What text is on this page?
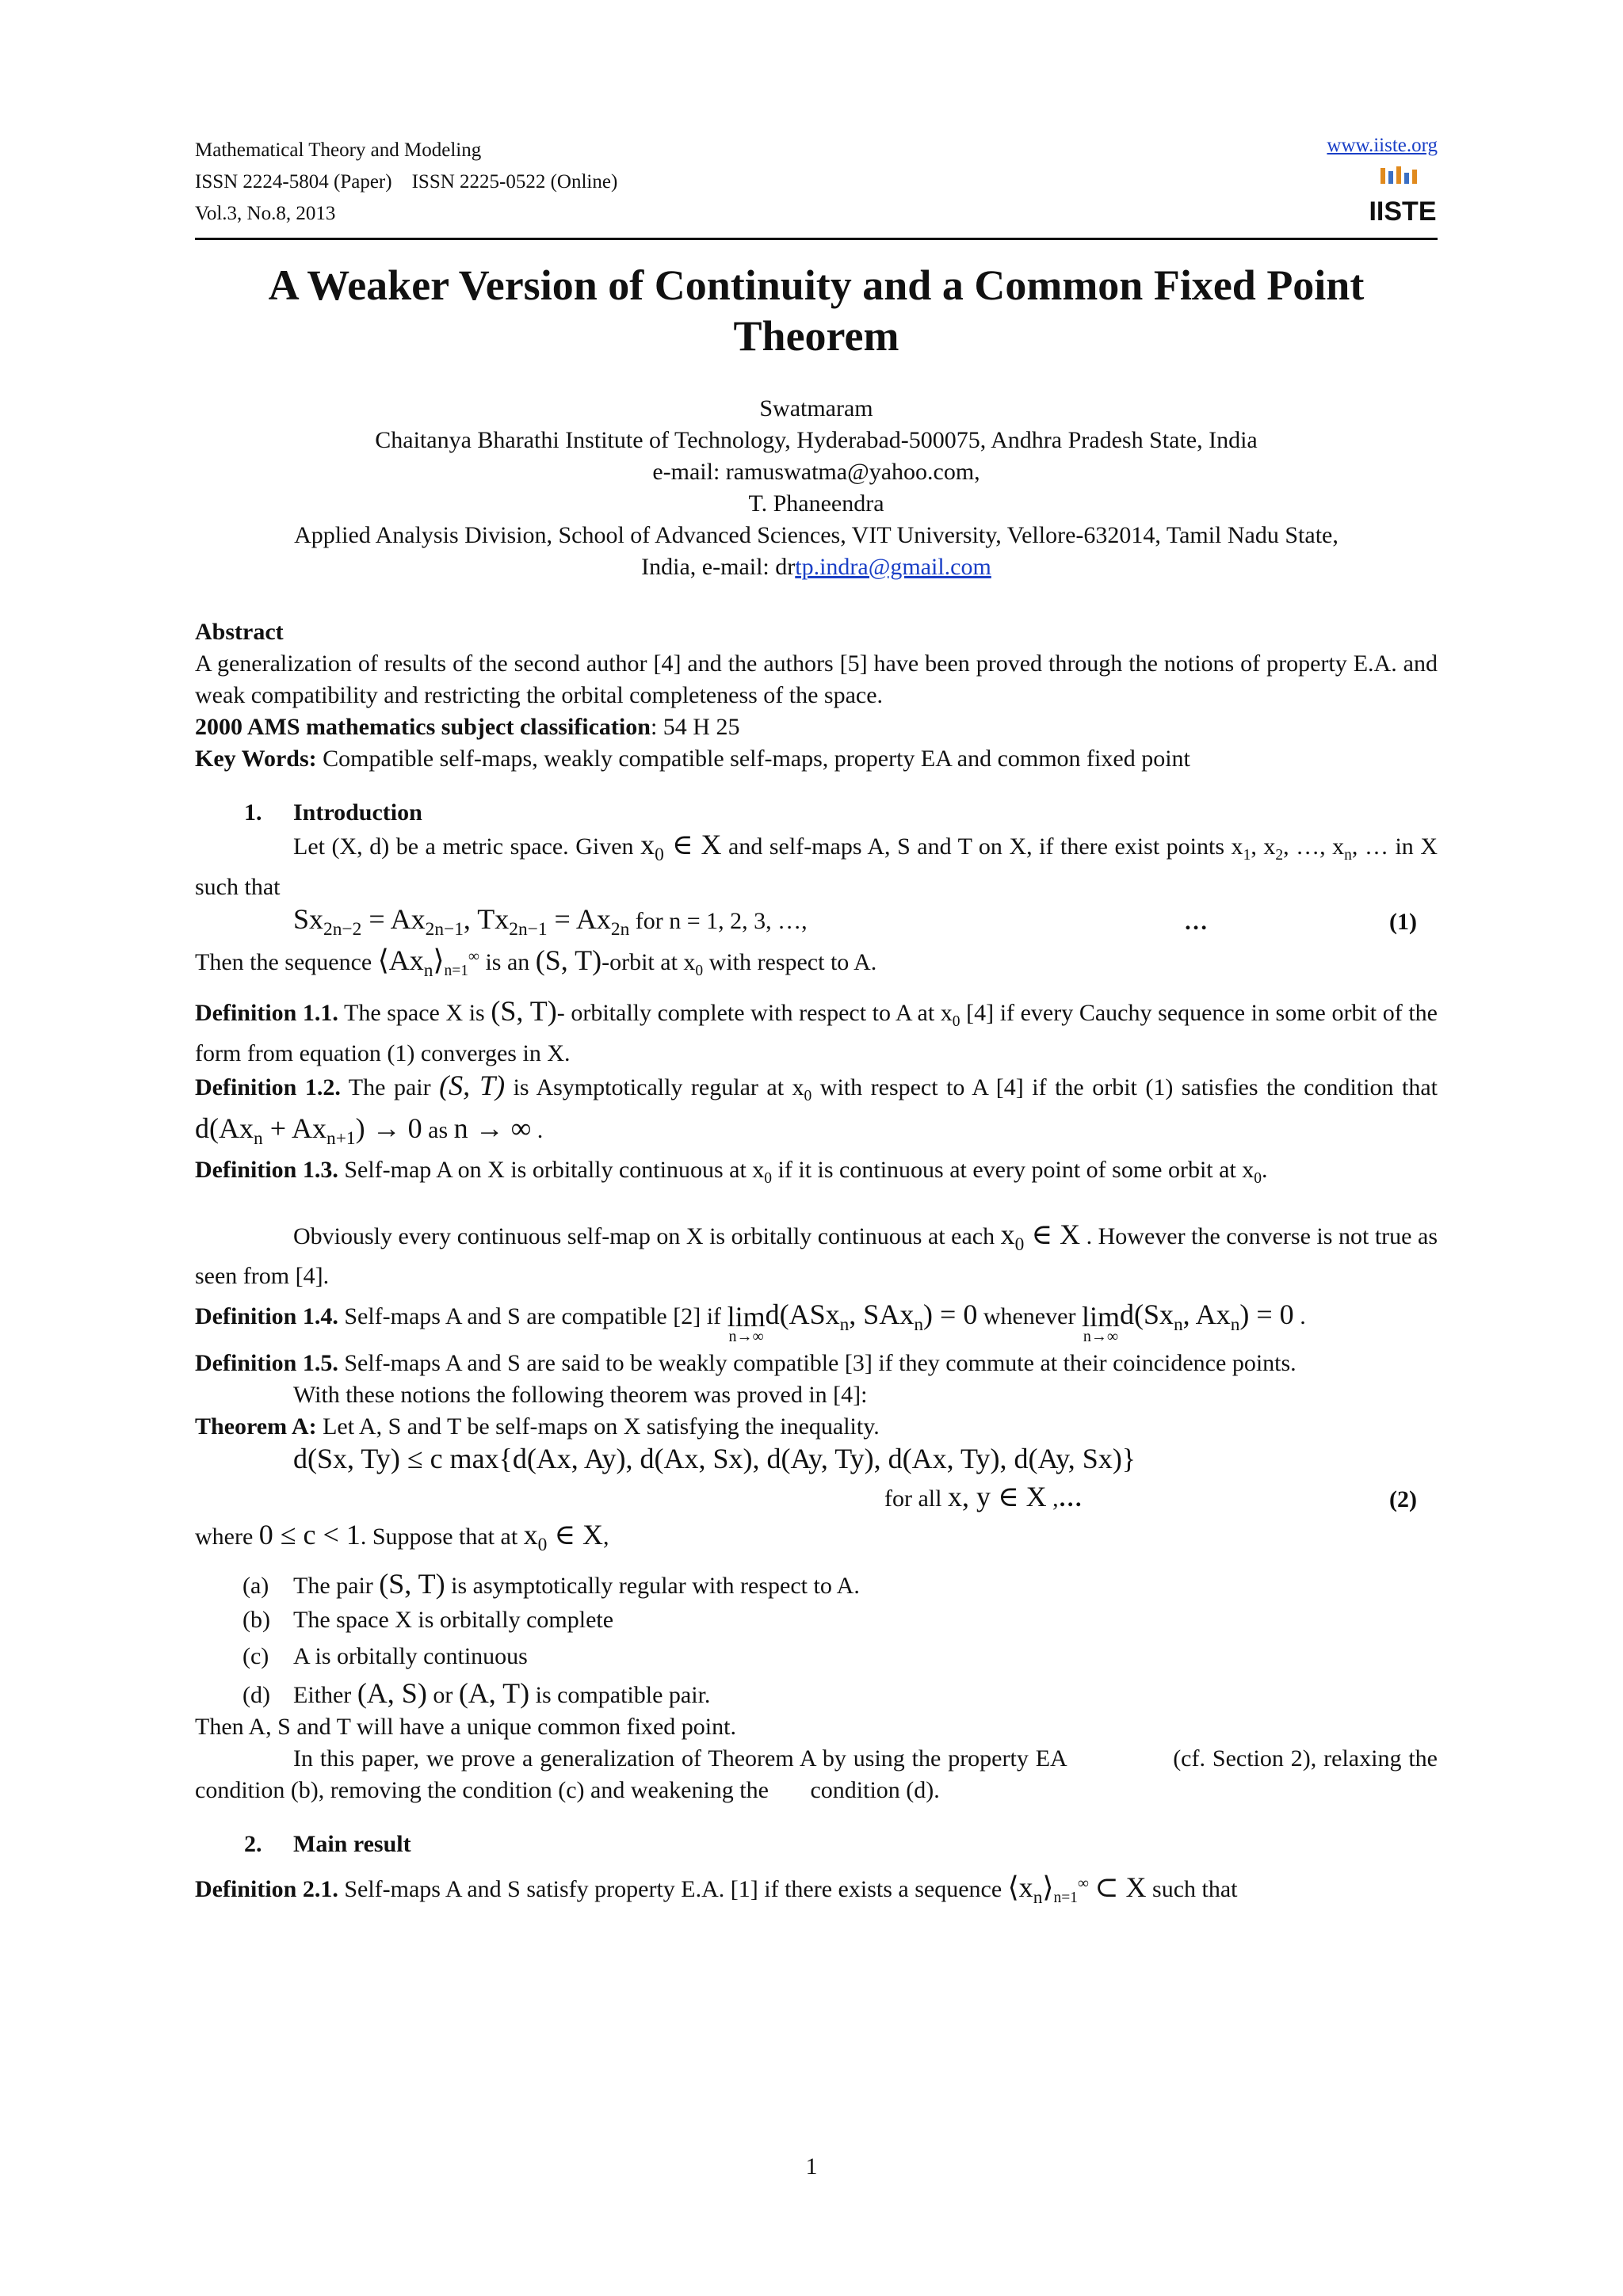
Mathematical Theory and Modeling
ISSN 2224-5804 (Paper)    ISSN 2225-0522 (Online)
Vol.3, No.8, 2013
www.iiste.org
IISTE
A Weaker Version of Continuity and a Common Fixed Point Theorem
Swatmaram
Chaitanya Bharathi Institute of Technology, Hyderabad-500075, Andhra Pradesh State, India
e-mail: ramuswatma@yahoo.com,
T. Phaneendra
Applied Analysis Division, School of Advanced Sciences, VIT University, Vellore-632014, Tamil Nadu State,
India, e-mail: drtp.indra@gmail.com

Abstract

A generalization of results of the second author [4] and the authors [5] have been proved through the notions of property E.A. and weak compatibility and restricting the orbital completeness of the space.

2000 AMS mathematics subject classification: 54 H 25

Key Words: Compatible self-maps, weakly compatible self-maps, property EA and common fixed point

1. Introduction

Let (X, d) be a metric space. Given $x_0$ ∈ X and self-maps A, S and T on X, if there exist points $x_1$, $x_2$, …, $x_n$, … in X such that

$Sx_{2n-2} = Ax_{2n-1}$, $Tx_{2n-1} = Ax_{2n}$ for n = 1, 2, 3, …,	…	(1)

Then the sequence $⟨Ax_n⟩_{n=1}^\infty$ is an (S, T)-orbit at $x_0$ with respect to A.

Definition 1.1. The space X is (S, T)- orbitally complete with respect to A at $x_0$ [4] if every Cauchy sequence in some orbit of the form from equation (1) converges in X.

Definition 1.2. The pair (S, T) is Asymptotically regular at $x_0$ with respect to A [4] if the orbit (1) satisfies the condition that $d(Ax_n + Ax_{n+1}) \to 0$ as n → ∞ .

Definition 1.3. Self-map A on X is orbitally continuous at $x_0$ if it is continuous at every point of some orbit at $x_0$.

Obviously every continuous self-map on X is orbitally continuous at each $x_0$ ∈ X . However the converse is not true as seen from [4].

Definition 1.4. Self-maps A and S are compatible [2] if lim
n→∞
d(ASx$_n$, SAx$_n$) = 0 whenever lim
n→∞
$d(Sx_n$, $Ax_n) = 0$ .

Definition 1.5. Self-maps A and S are said to be weakly compatible [3] if they commute at their coincidence points.

With these notions the following theorem was proved in [4]:

Theorem A: Let A, S and T be self-maps on X satisfying the inequality.

d(Sx, Ty) ≤ c max{d(Ax, Ay), d(Ax, Sx), d(Ay, Ty), d(Ax, Ty), d(Ay, Sx)}
for all x, y ∈ X ,…	(2)

where 0 ≤ c < 1. Suppose that at $x_0$ ∈ X,

(a) The pair (S, T) is asymptotically regular with respect to A.
(b) The space X is orbitally complete
(c) A is orbitally continuous
(d) Either (A, S) or (A, T) is compatible pair.

Then A, S and T will have a unique common fixed point.

In this paper, we prove a generalization of Theorem A by using the property EA               (cf. Section 2), relaxing the condition (b), removing the condition (c) and weakening the       condition (d).

2. Main result

Definition 2.1. Self-maps A and S satisfy property E.A. [1] if there exists a sequence $⟨x_n⟩_{n=1}^\infty$ ⊂ X such that

1
